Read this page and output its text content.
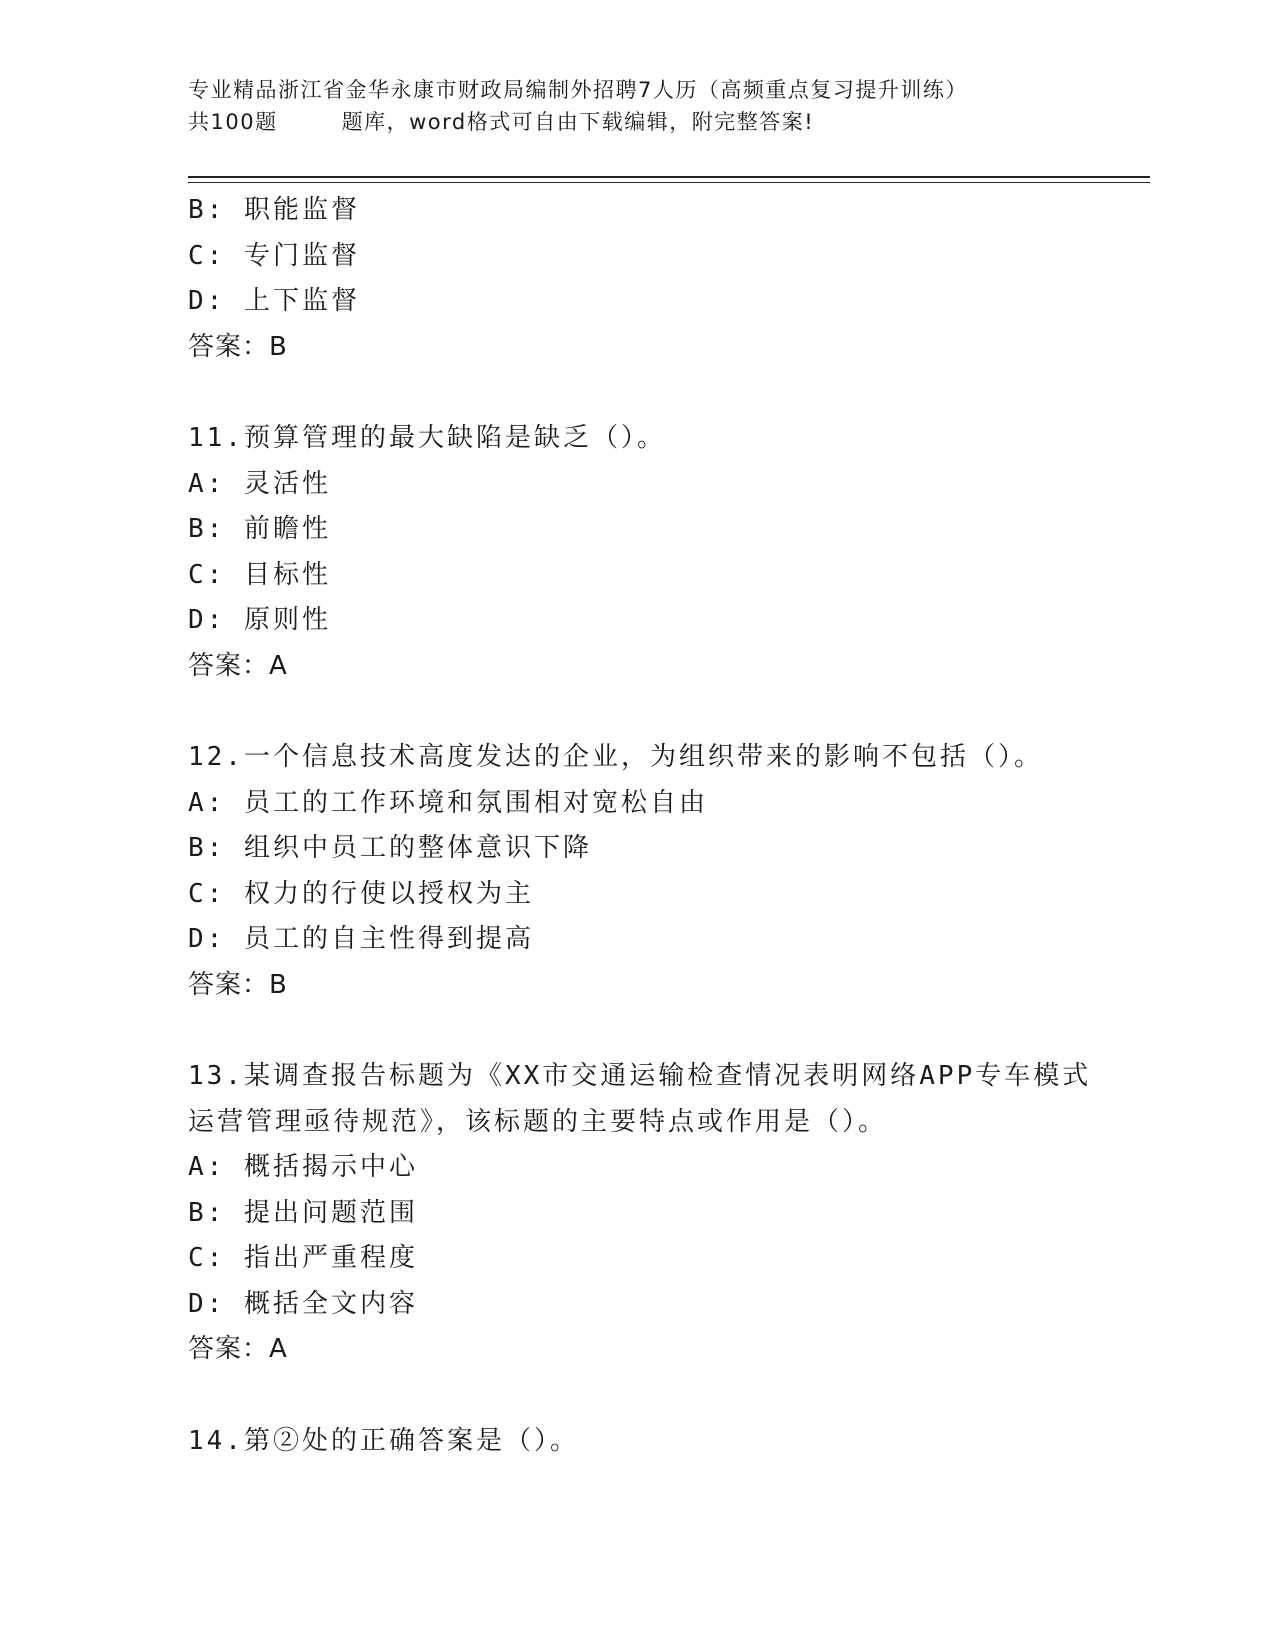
专业精品浙江省金华永康市财政局编制外招聘7人历（高频重点复习提升训练）
共100题	题库，word格式可自由下载编辑，附完整答案!
B: 职能监督
C: 专门监督
D: 上下监督
答案：B
11.预算管理的最大缺陷是缺乏（）。
A: 灵活性
B: 前瞻性
C: 目标性
D: 原则性
答案：A
12.一个信息技术高度发达的企业，为组织带来的影响不包括（）。
A: 员工的工作环境和氛围相对宽松自由
B: 组织中员工的整体意识下降
C: 权力的行使以授权为主
D: 员工的自主性得到提高
答案：B
13.某调查报告标题为《XX市交通运输检查情况表明网络APP专车模式
运营管理亟待规范》，该标题的主要特点或作用是（）。
A: 概括揭示中心
B: 提出问题范围
C: 指出严重程度
D: 概括全文内容
答案：A
14.第②处的正确答案是（）。
